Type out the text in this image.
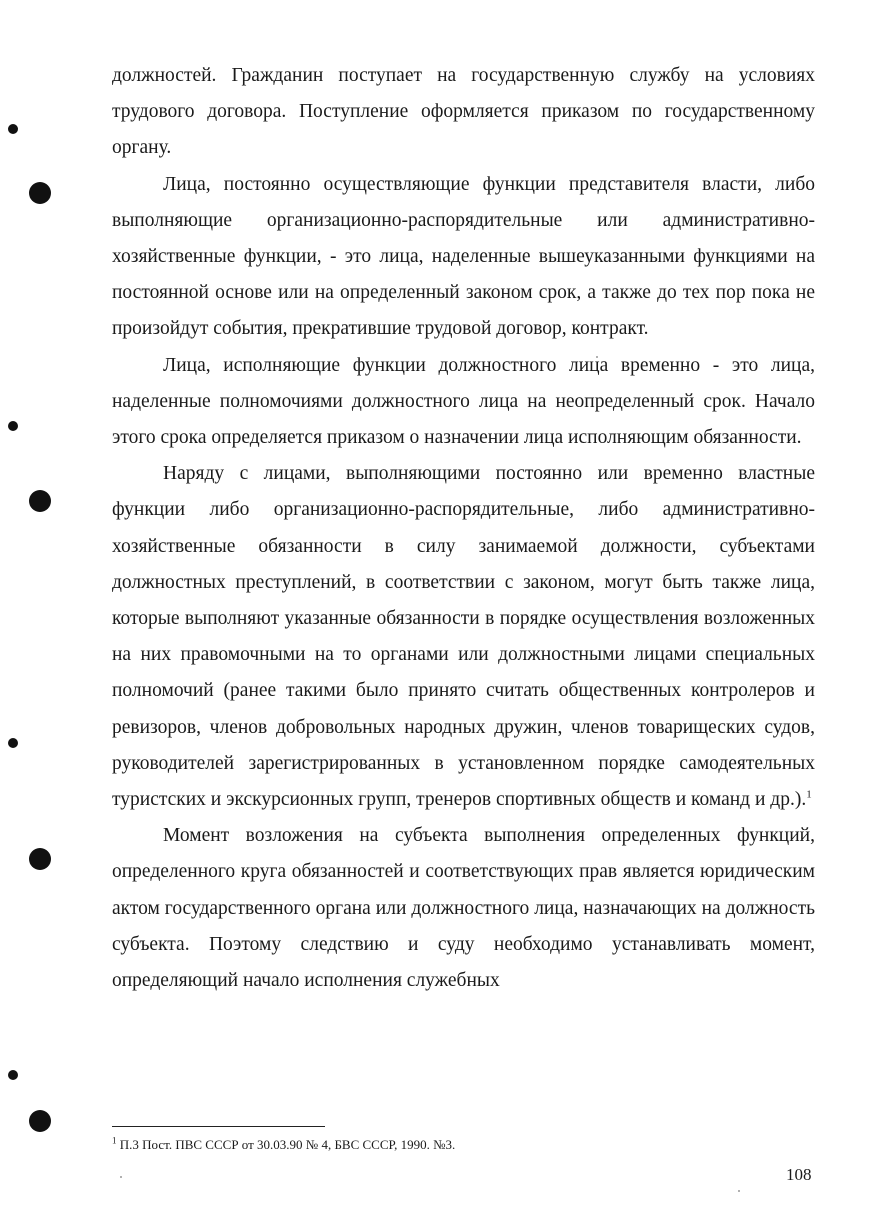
должностей. Гражданин поступает на государственную службу на условиях трудового договора. Поступление оформляется приказом по государственному органу.

Лица, постоянно осуществляющие функции представителя власти, либо выполняющие организационно-распорядительные или административно-хозяйственные функции, - это лица, наделенные вышеуказанными функциями на постоянной основе или на определенный законом срок, а также до тех пор пока не произойдут события, прекратившие трудовой договор, контракт.

Лица, исполняющие функции должностного лица временно - это лица, наделенные полномочиями должностного лица на неопределенный срок. Начало этого срока определяется приказом о назначении лица исполняющим обязанности.

Наряду с лицами, выполняющими постоянно или временно властные функции либо организационно-распорядительные, либо административно-хозяйственные обязанности в силу занимаемой должности, субъектами должностных преступлений, в соответствии с законом, могут быть также лица, которые выполняют указанные обязанности в порядке осуществления возложенных на них правомочными на то органами или должностными лицами специальных полномочий (ранее такими было принято считать общественных контролеров и ревизоров, членов добровольных народных дружин, членов товарищеских судов, руководителей зарегистрированных в установленном порядке самодеятельных туристских и экскурсионных групп, тренеров спортивных обществ и команд и др.).$^1$

Момент возложения на субъекта выполнения определенных функций, определенного круга обязанностей и соответствующих прав является юридическим актом государственного органа или должностного лица, назначающих на должность субъекта. Поэтому следствию и суду необходимо устанавливать момент, определяющий начало исполнения служебных

$^1$ П.3 Пост. ПВС СССР от 30.03.90 № 4, БВС СССР, 1990. №3.
108
